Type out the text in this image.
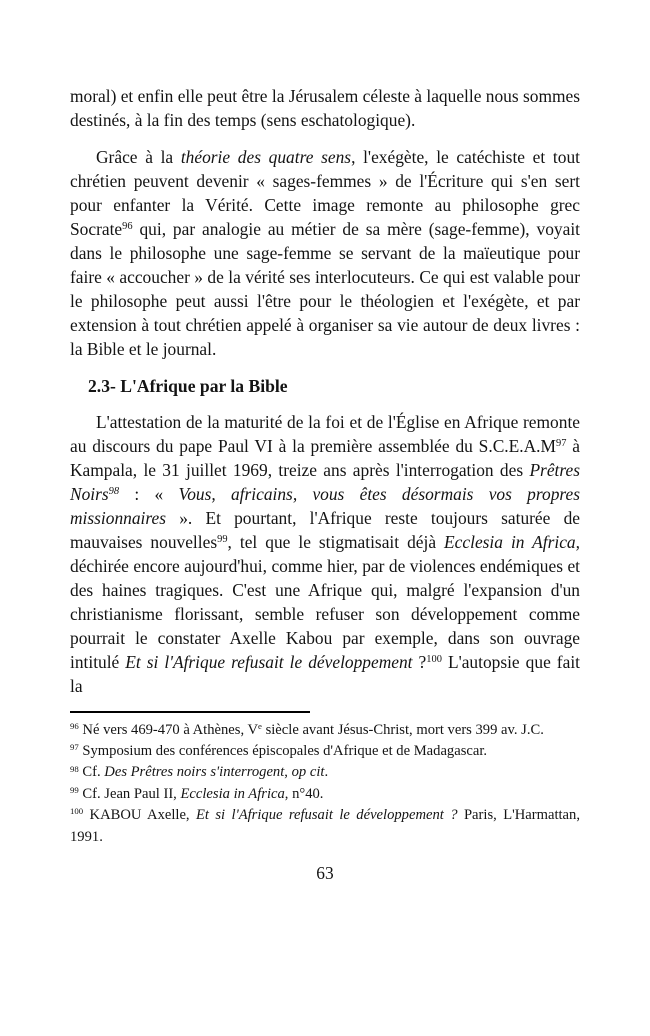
moral) et enfin elle peut être la Jérusalem céleste à laquelle nous sommes destinés, à la fin des temps (sens eschatologique).

Grâce à la théorie des quatre sens, l'exégète, le catéchiste et tout chrétien peuvent devenir « sages-femmes » de l'Écriture qui s'en sert pour enfanter la Vérité. Cette image remonte au philosophe grec Socrate$^{96}$ qui, par analogie au métier de sa mère (sage-femme), voyait dans le philosophe une sage-femme se servant de la maïeutique pour faire « accoucher » de la vérité ses interlocuteurs. Ce qui est valable pour le philosophe peut aussi l'être pour le théologien et l'exégète, et par extension à tout chrétien appelé à organiser sa vie autour de deux livres : la Bible et le journal.

2.3- L'Afrique par la Bible

L'attestation de la maturité de la foi et de l'Église en Afrique remonte au discours du pape Paul VI à la première assemblée du $S.C.E.A.M^{97}$ à Kampala, le 31 juillet 1969, treize ans après l'interrogation des Prêtres Noirs$^{98}$ : « Vous, africains, vous êtes désormais vos propres missionnaires ». Et pourtant, l'Afrique reste toujours saturée de mauvaises nouvelles$^{99}$, tel que le stigmatisait déjà Ecclesia in Africa, déchirée encore aujourd'hui, comme hier, par de violences endémiques et des haines tragiques. C'est une Afrique qui, malgré l'expansion d'un christianisme florissant, semble refuser son développement comme pourrait le constater Axelle Kabou par exemple, dans son ouvrage intitulé Et si l'Afrique refusait le développement ?$^{100}$ L'autopsie que fait la

$^{96}$ Né vers 469-470 à Athènes, Ve siècle avant Jésus-Christ, mort vers 399 av. J.C.

$^{97}$ Symposium des conférences épiscopales d'Afrique et de Madagascar.

$^{98}$ Cf. Des Prêtres noirs s'interrogent, op cit.

$^{99}$ Cf. Jean Paul II, Ecclesia in Africa, n°40.

$^{100}$ KABOU Axelle, Et si l'Afrique refusait le développement ? Paris, L'Harmattan, 1991.

63
